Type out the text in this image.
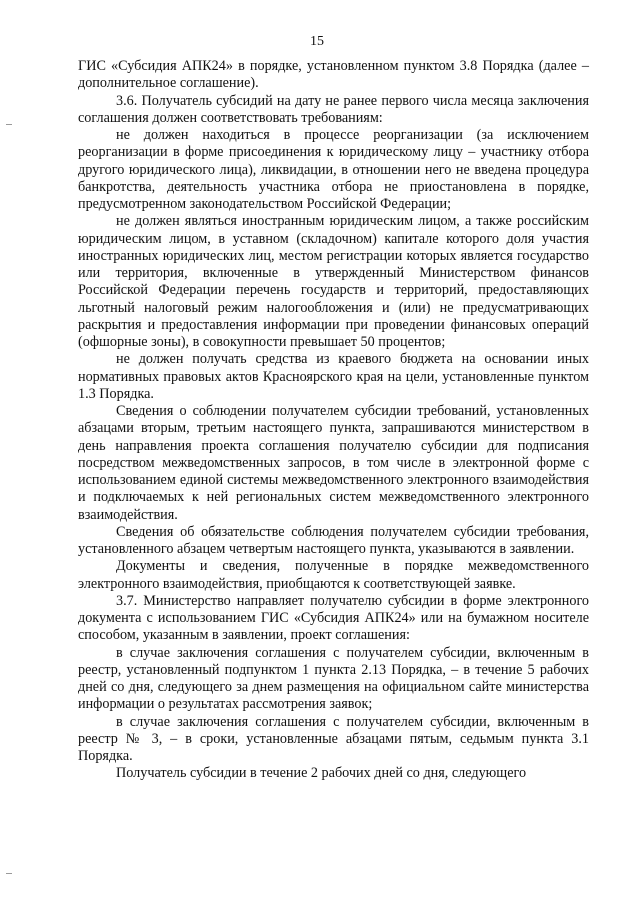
15

ГИС «Субсидия АПК24» в порядке, установленном пунктом 3.8 Порядка (далее – дополнительное соглашение).

3.6. Получатель субсидий на дату не ранее первого числа месяца заключения соглашения должен соответствовать требованиям:

не должен находиться в процессе реорганизации (за исключением реорганизации в форме присоединения к юридическому лицу – участнику отбора другого юридического лица), ликвидации, в отношении него не введена процедура банкротства, деятельность участника отбора не приостановлена в порядке, предусмотренном законодательством Российской Федерации;

не должен являться иностранным юридическим лицом, а также российским юридическим лицом, в уставном (складочном) капитале которого доля участия иностранных юридических лиц, местом регистрации которых является государство или территория, включенные в утвержденный Министерством финансов Российской Федерации перечень государств и территорий, предоставляющих льготный налоговый режим налогообложения и (или) не предусматривающих раскрытия и предоставления информации при проведении финансовых операций (офшорные зоны), в совокупности превышает 50 процентов;

не должен получать средства из краевого бюджета на основании иных нормативных правовых актов Красноярского края на цели, установленные пунктом 1.3 Порядка.

Сведения о соблюдении получателем субсидии требований, установленных абзацами вторым, третьим настоящего пункта, запрашиваются министерством в день направления проекта соглашения получателю субсидии для подписания посредством межведомственных запросов, в том числе в электронной форме с использованием единой системы межведомственного электронного взаимодействия и подключаемых к ней региональных систем межведомственного электронного взаимодействия.

Сведения об обязательстве соблюдения получателем субсидии требования, установленного абзацем четвертым настоящего пункта, указываются в заявлении.

Документы и сведения, полученные в порядке межведомственного электронного взаимодействия, приобщаются к соответствующей заявке.

3.7. Министерство направляет получателю субсидии в форме электронного документа с использованием ГИС «Субсидия АПК24» или на бумажном носителе способом, указанным в заявлении, проект соглашения:

в случае заключения соглашения с получателем субсидии, включенным в реестр, установленный подпунктом 1 пункта 2.13 Порядка, – в течение 5 рабочих дней со дня, следующего за днем размещения на официальном сайте министерства информации о результатах рассмотрения заявок;

в случае заключения соглашения с получателем субсидии, включенным в реестр № 3, – в сроки, установленные абзацами пятым, седьмым пункта 3.1 Порядка.

Получатель субсидии в течение 2 рабочих дней со дня, следующего
